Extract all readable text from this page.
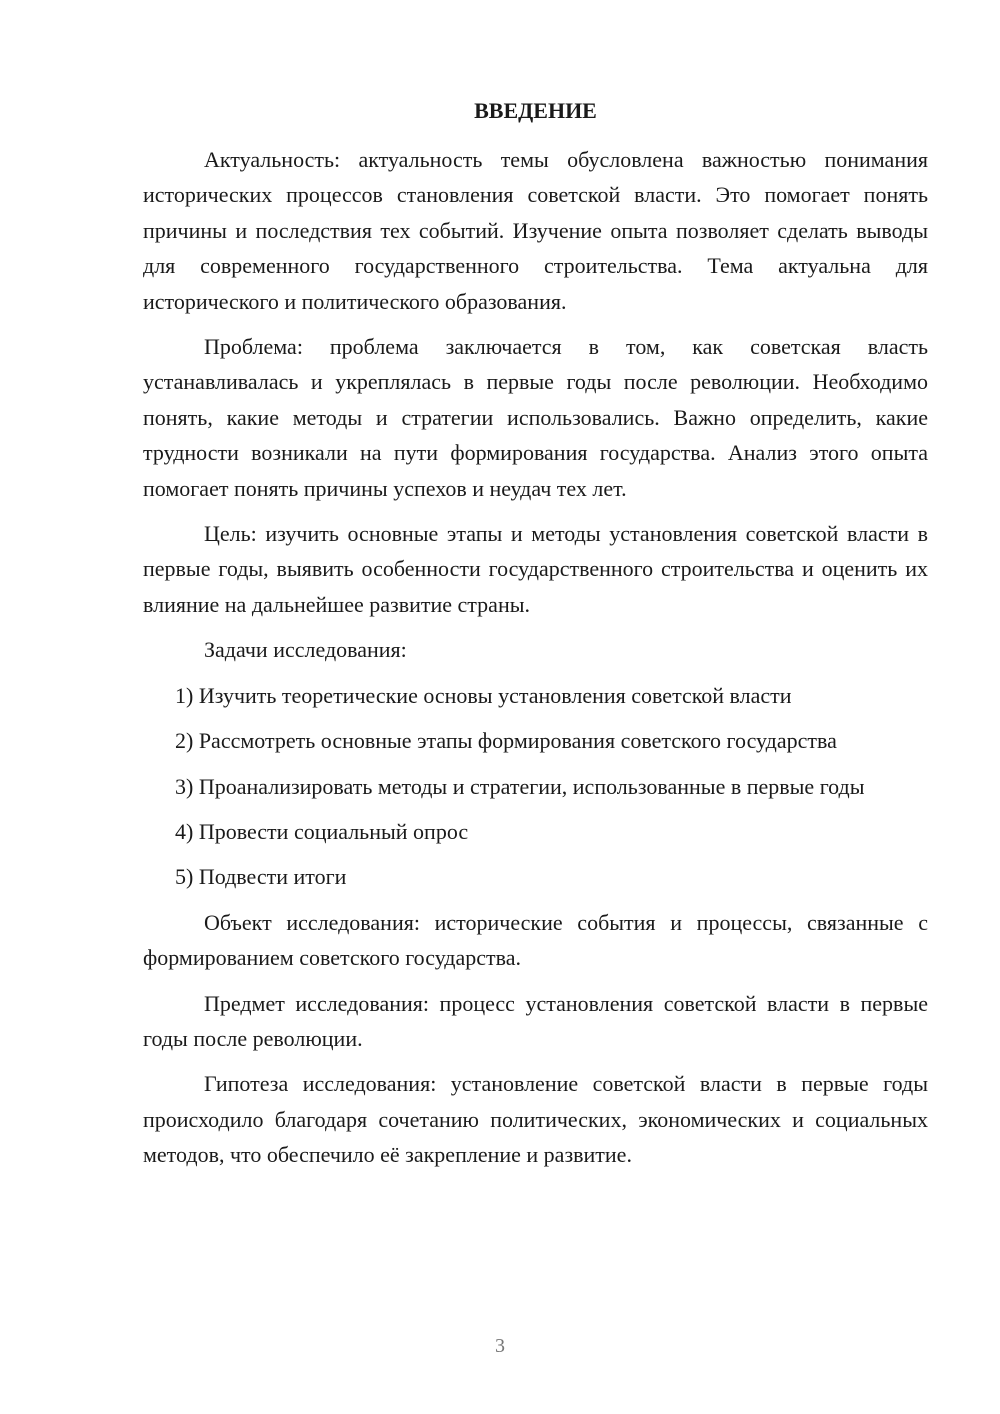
ВВЕДЕНИЕ

Актуальность: актуальность темы обусловлена важностью понимания исторических процессов становления советской власти. Это помогает понять причины и последствия тех событий. Изучение опыта позволяет сделать выводы для современного государственного строительства. Тема актуальна для исторического и политического образования.

Проблема: проблема заключается в том, как советская власть устанавливалась и укреплялась в первые годы после революции. Необходимо понять, какие методы и стратегии использовались. Важно определить, какие трудности возникали на пути формирования государства. Анализ этого опыта помогает понять причины успехов и неудач тех лет.

Цель: изучить основные этапы и методы установления советской власти в первые годы, выявить особенности государственного строительства и оценить их влияние на дальнейшее развитие страны.

Задачи исследования:

1) Изучить теоретические основы установления советской власти

2) Рассмотреть основные этапы формирования советского государства

3) Проанализировать методы и стратегии, использованные в первые годы

4) Провести социальный опрос

5) Подвести итоги

Объект исследования: исторические события и процессы, связанные с формированием советского государства.

Предмет исследования: процесс установления советской власти в первые годы после революции.

Гипотеза исследования: установление советской власти в первые годы происходило благодаря сочетанию политических, экономических и социальных методов, что обеспечило её закрепление и развитие.

3
